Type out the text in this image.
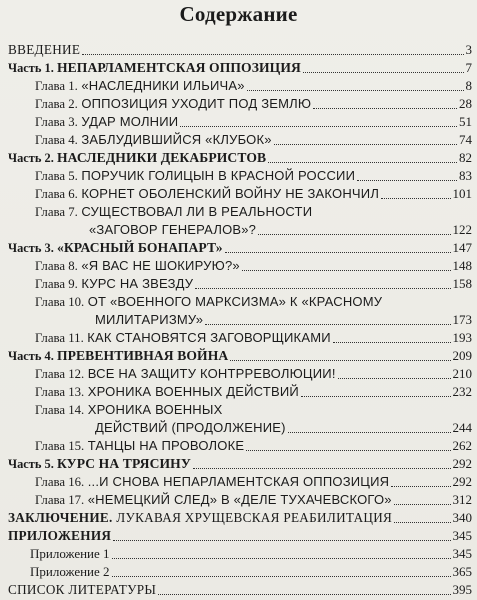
Содержание
ВВЕДЕНИЕ	3
Часть 1. НЕПАРЛАМЕНТСКАЯ ОППОЗИЦИЯ	7
Глава 1. «НАСЛЕДНИКИ ИЛЬИЧА»	8
Глава 2. ОППОЗИЦИЯ УХОДИТ ПОД ЗЕМЛЮ	28
Глава 3. УДАР МОЛНИИ	51
Глава 4. ЗАБЛУДИВШИЙСЯ «КЛУБОК»	74
Часть 2. НАСЛЕДНИКИ ДЕКАБРИСТОВ	82
Глава 5. ПОРУЧИК ГОЛИЦЫН В КРАСНОЙ РОССИИ	83
Глава 6. КОРНЕТ ОБОЛЕНСКИЙ ВОЙНУ НЕ ЗАКОНЧИЛ	101
Глава 7. СУЩЕСТВОВАЛ ЛИ В РЕАЛЬНОСТИ
«ЗАГОВОР ГЕНЕРАЛОВ»?	122
Часть 3. «КРАСНЫЙ БОНАПАРТ»	147
Глава 8. «Я ВАС НЕ ШОКИРУЮ?»	148
Глава 9. КУРС НА ЗВЕЗДУ	158
Глава 10. ОТ «ВОЕННОГО МАРКСИЗМА» К «КРАСНОМУ
МИЛИТАРИЗМУ»	173
Глава 11. КАК СТАНОВЯТСЯ ЗАГОВОРЩИКАМИ	193
Часть 4. ПРЕВЕНТИВНАЯ ВОЙНА	209
Глава 12. ВСЕ НА ЗАЩИТУ КОНТРРЕВОЛЮЦИИ!	210
Глава 13. ХРОНИКА ВОЕННЫХ ДЕЙСТВИЙ	232
Глава 14. ХРОНИКА ВОЕННЫХ
ДЕЙСТВИЙ (ПРОДОЛЖЕНИЕ)	244
Глава 15. ТАНЦЫ НА ПРОВОЛОКЕ	262
Часть 5. КУРС НА ТРЯСИНУ	292
Глава 16. ...И СНОВА НЕПАРЛАМЕНТСКАЯ ОППОЗИЦИЯ	292
Глава 17. «НЕМЕЦКИЙ СЛЕД» В «ДЕЛЕ ТУХАЧЕВСКОГО»	312
ЗАКЛЮЧЕНИЕ. ЛУКАВАЯ ХРУЩЕВСКАЯ РЕАБИЛИТАЦИЯ	340
ПРИЛОЖЕНИЯ	345
Приложение 1	345
Приложение 2	365
СПИСОК ЛИТЕРАТУРЫ	395
